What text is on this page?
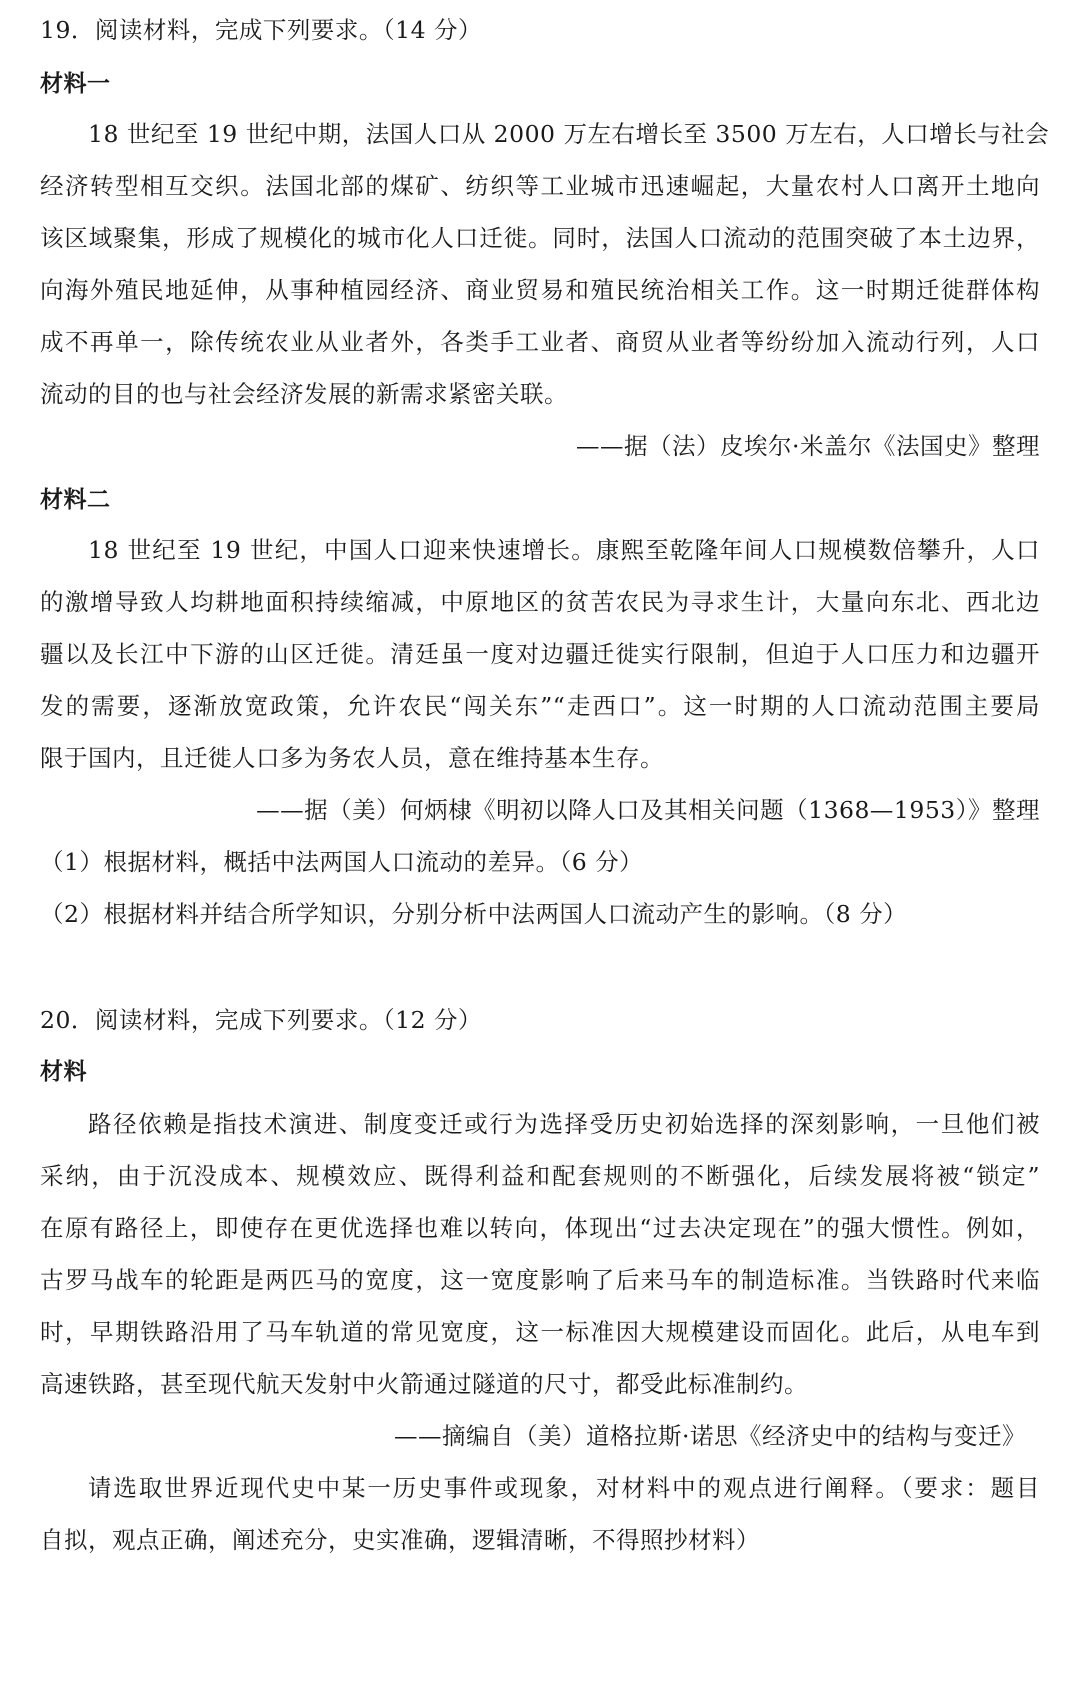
19．阅读材料，完成下列要求。（14 分）
材料一
18 世纪至 19 世纪中期，法国人口从 2000 万左右增长至 3500 万左右，人口增长与社会
经济转型相互交织。法国北部的煤矿、纺织等工业城市迅速崛起，大量农村人口离开土地向
该区域聚集，形成了规模化的城市化人口迁徙。同时，法国人口流动的范围突破了本土边界，
向海外殖民地延伸，从事种植园经济、商业贸易和殖民统治相关工作。这一时期迁徙群体构
成不再单一，除传统农业从业者外，各类手工业者、商贸从业者等纷纷加入流动行列，人口
流动的目的也与社会经济发展的新需求紧密关联。
——据（法）皮埃尔·米盖尔《法国史》整理
材料二
18 世纪至 19 世纪，中国人口迎来快速增长。康熙至乾隆年间人口规模数倍攀升，人口
的激增导致人均耕地面积持续缩减，中原地区的贫苦农民为寻求生计，大量向东北、西北边
疆以及长江中下游的山区迁徙。清廷虽一度对边疆迁徙实行限制，但迫于人口压力和边疆开
发的需要，逐渐放宽政策，允许农民“闯关东”“走西口”。这一时期的人口流动范围主要局
限于国内，且迁徙人口多为务农人员，意在维持基本生存。
——据（美）何炳棣《明初以降人口及其相关问题（1368—1953）》整理
（1）根据材料，概括中法两国人口流动的差异。（6 分）
（2）根据材料并结合所学知识，分别分析中法两国人口流动产生的影响。（8 分）
20．阅读材料，完成下列要求。（12 分）
材料
路径依赖是指技术演进、制度变迁或行为选择受历史初始选择的深刻影响，一旦他们被
采纳，由于沉没成本、规模效应、既得利益和配套规则的不断强化，后续发展将被“锁定”
在原有路径上，即使存在更优选择也难以转向，体现出“过去决定现在”的强大惯性。例如，
古罗马战车的轮距是两匹马的宽度，这一宽度影响了后来马车的制造标准。当铁路时代来临
时，早期铁路沿用了马车轨道的常见宽度，这一标准因大规模建设而固化。此后，从电车到
高速铁路，甚至现代航天发射中火箭通过隧道的尺寸，都受此标准制约。
——摘编自（美）道格拉斯·诺思《经济史中的结构与变迁》
请选取世界近现代史中某一历史事件或现象，对材料中的观点进行阐释。（要求：题目
自拟，观点正确，阐述充分，史实准确，逻辑清晰，不得照抄材料）
